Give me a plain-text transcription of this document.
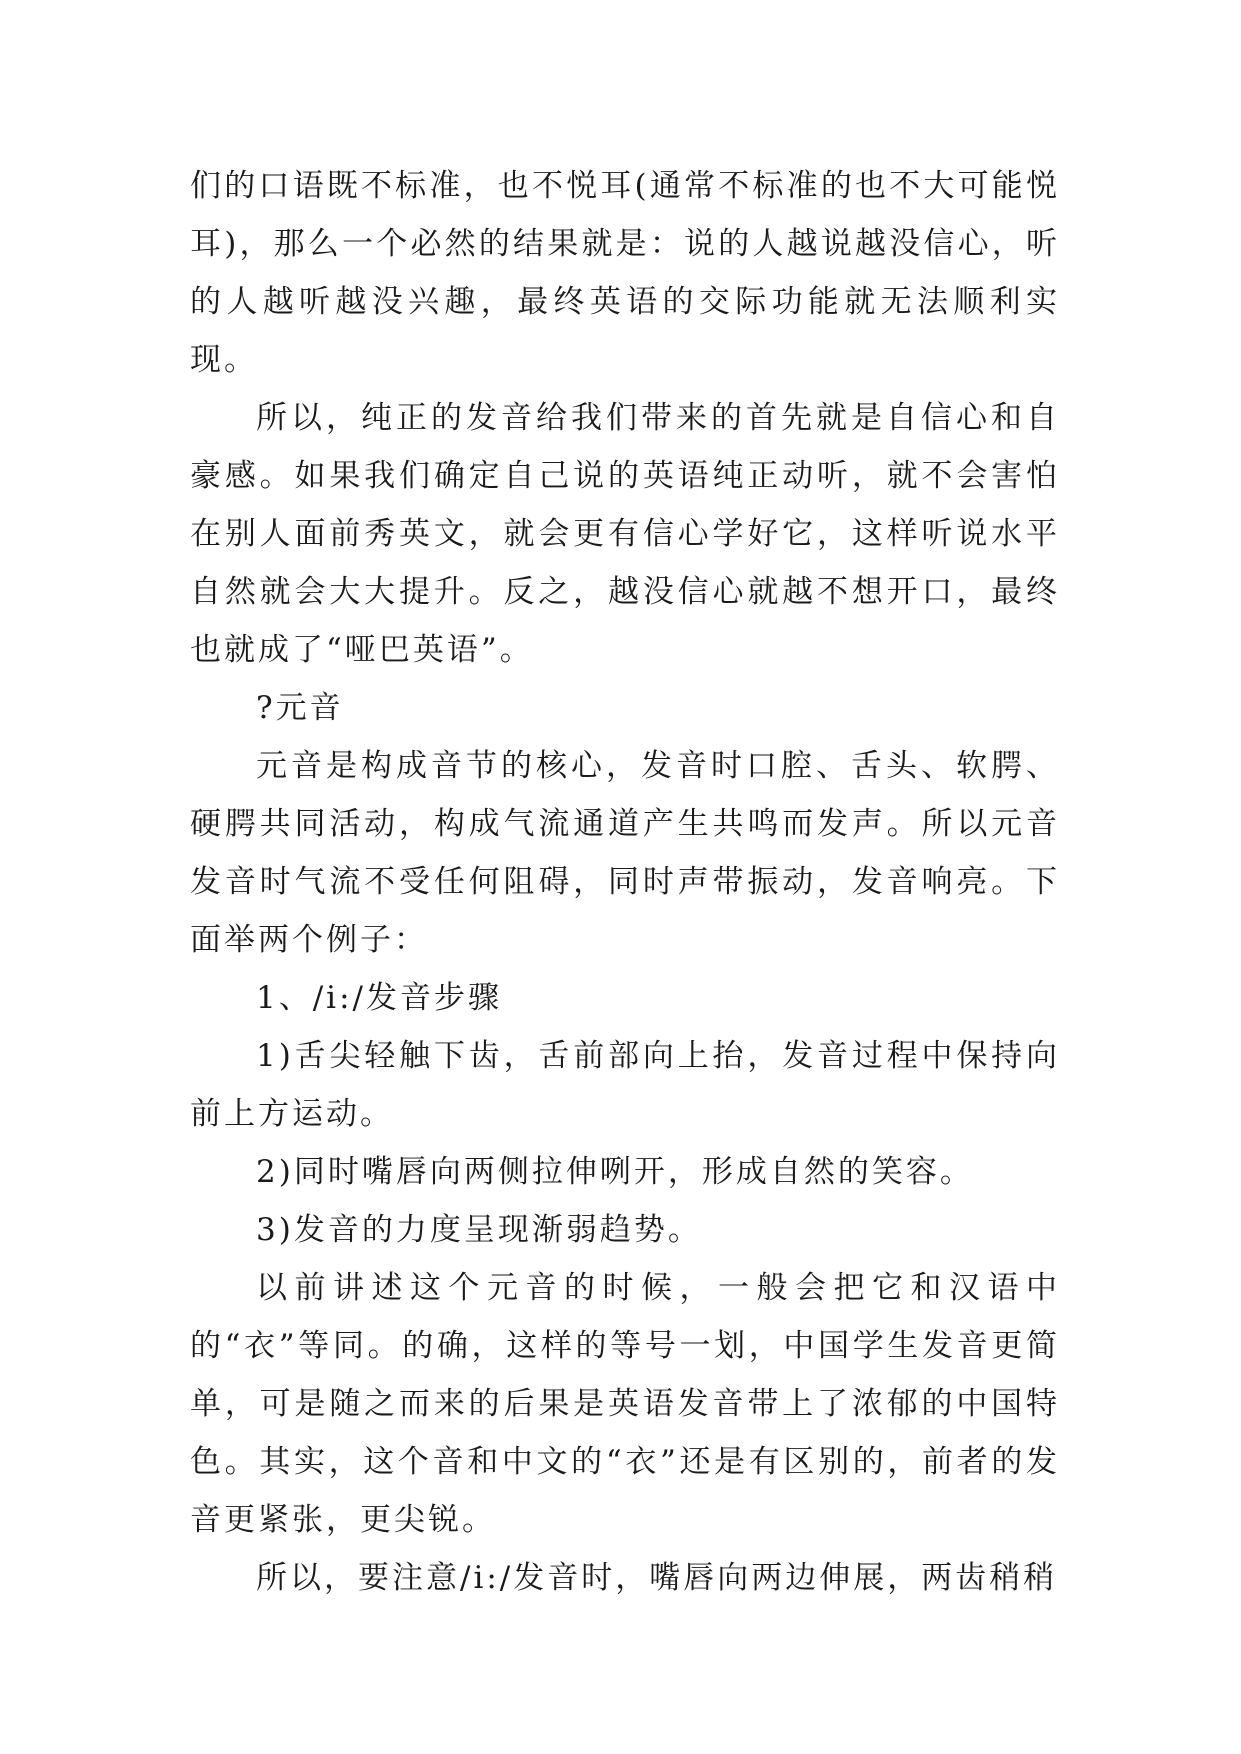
们的口语既不标准，也不悦耳(通常不标准的也不大可能悦耳)，那么一个必然的结果就是：说的人越说越没信心，听的人越听越没兴趣，最终英语的交际功能就无法顺利实现。

所以，纯正的发音给我们带来的首先就是自信心和自豪感。如果我们确定自己说的英语纯正动听，就不会害怕在别人面前秀英文，就会更有信心学好它，这样听说水平自然就会大大提升。反之，越没信心就越不想开口，最终也就成了“哑巴英语”。

?元音

元音是构成音节的核心，发音时口腔、舌头、软腭、硬腭共同活动，构成气流通道产生共鸣而发声。所以元音发音时气流不受任何阻碍，同时声带振动，发音响亮。下面举两个例子：

1、/i:/发音步骤

1)舌尖轻触下齿，舌前部向上抬，发音过程中保持向前上方运动。

2)同时嘴唇向两侧拉伸咧开，形成自然的笑容。

3)发音的力度呈现渐弱趋势。

以前讲述这个元音的时候，一般会把它和汉语中的“衣”等同。的确，这样的等号一划，中国学生发音更简单，可是随之而来的后果是英语发音带上了浓郁的中国特色。其实，这个音和中文的“衣”还是有区别的，前者的发音更紧张，更尖锐。

所以，要注意/i:/发音时，嘴唇向两边伸展，两齿稍稍
